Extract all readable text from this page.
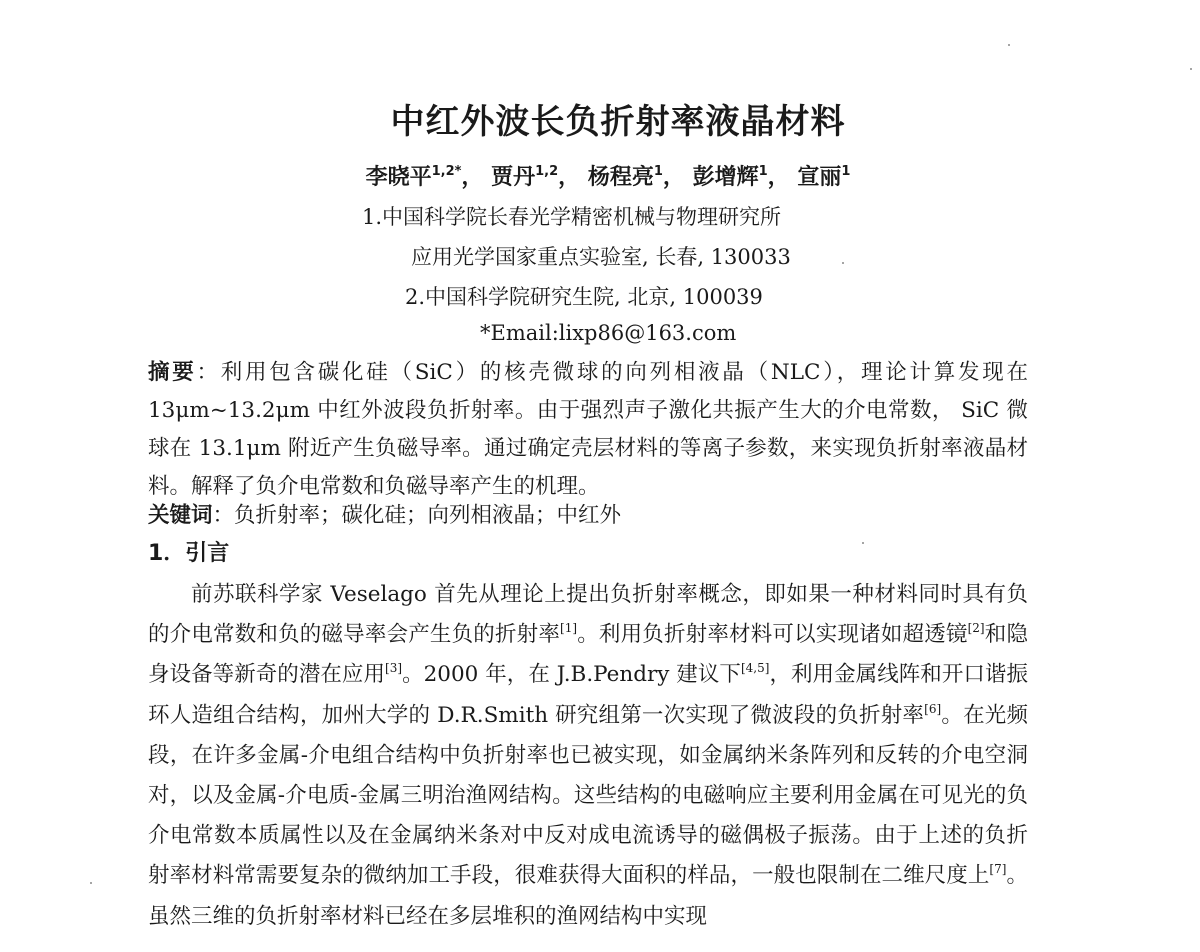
中红外波长负折射率液晶材料
李晓平$^{1,2*}$， 贾丹$^{1,2}$， 杨程亮$^1$， 彭增辉$^1$， 宣丽$^1$
1.中国科学院长春光学精密机械与物理研究所
应用光学国家重点实验室, 长春, 130033
2.中国科学院研究生院, 北京, 100039
*Email:lixp86@163.com
摘要：利用包含碳化硅（SiC）的核壳微球的向列相液晶（NLC），理论计算发现在 13μm~13.2μm 中红外波段负折射率。由于强烈声子激化共振产生大的介电常数， SiC 微球在 13.1μm 附近产生负磁导率。通过确定壳层材料的等离子参数，来实现负折射率液晶材料。解释了负介电常数和负磁导率产生的机理。
关键词：负折射率；碳化硅；向列相液晶；中红外
1．引言
前苏联科学家 Veselago 首先从理论上提出负折射率概念，即如果一种材料同时具有负的介电常数和负的磁导率会产生负的折射率[1]。利用负折射率材料可以实现诸如超透镜[2]和隐身设备等新奇的潜在应用[3]。2000 年，在 J.B.Pendry 建议下[4,5]，利用金属线阵和开口谐振环人造组合结构，加州大学的 D.R.Smith 研究组第一次实现了微波段的负折射率[6]。在光频段，在许多金属-介电组合结构中负折射率也已被实现，如金属纳米条阵列和反转的介电空洞对，以及金属-介电质-金属三明治渔网结构。这些结构的电磁响应主要利用金属在可见光的负介电常数本质属性以及在金属纳米条对中反对成电流诱导的磁偶极子振荡。由于上述的负折射率材料常需要复杂的微纳加工手段，很难获得大面积的样品，一般也限制在二维尺度上[7]。虽然三维的负折射率材料已经在多层堆积的渔网结构中实现
